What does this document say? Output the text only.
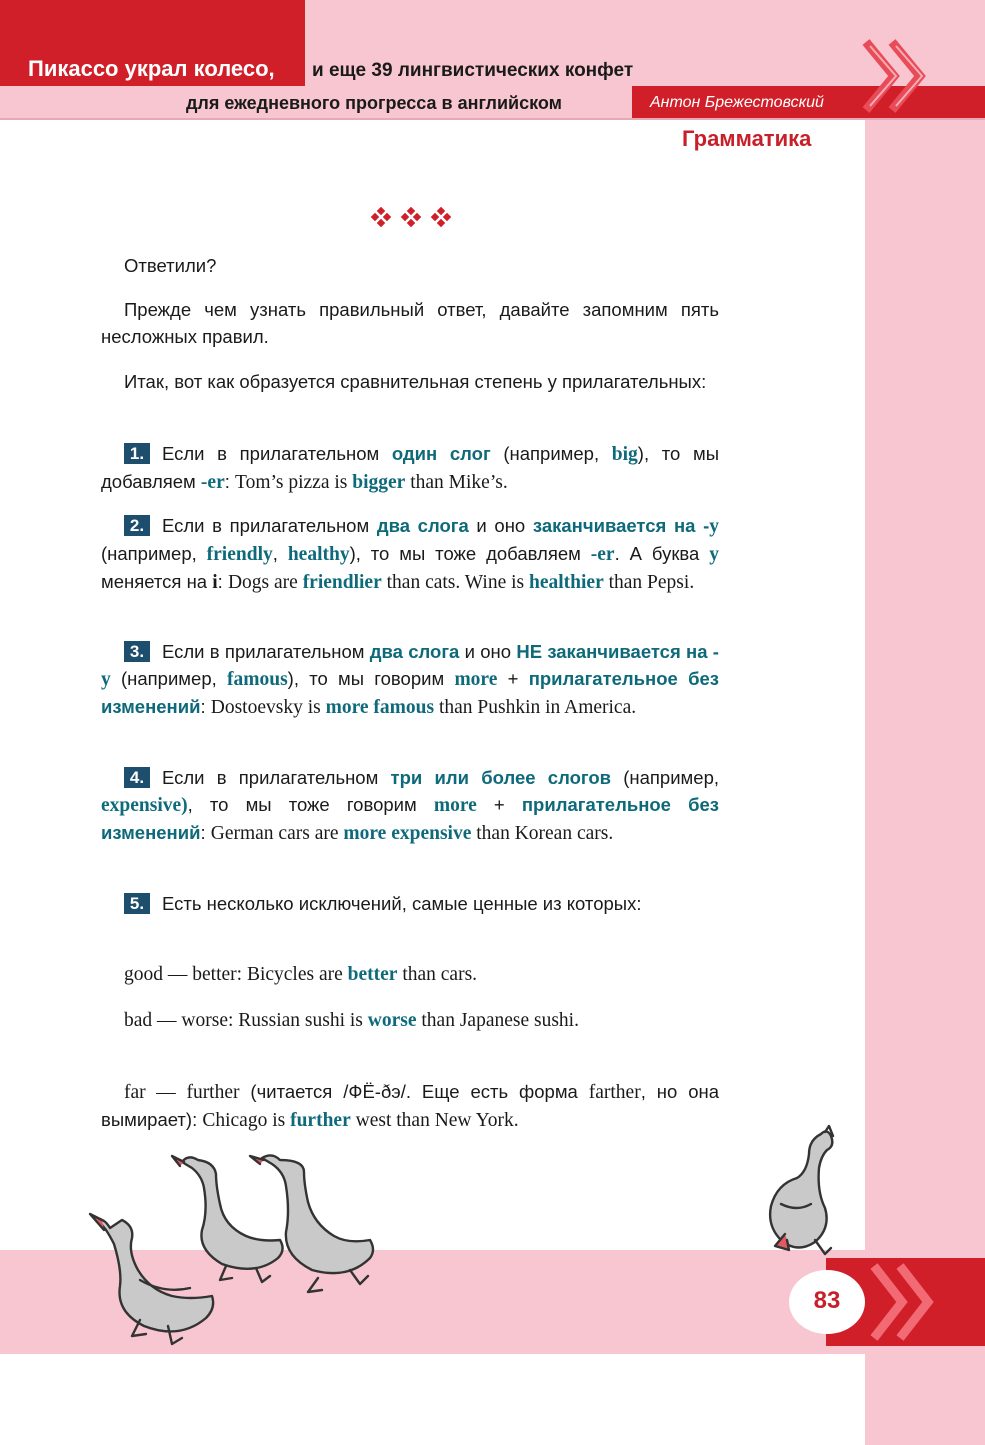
Пикассо украл колесо, и еще 39 лингвистических конфет
для ежедневного прогресса в английском	Антон Брежестовский
Грамматика
Ответили?
Прежде чем узнать правильный ответ, давайте запомним пять несложных правил.
Итак, вот как образуется сравнительная степень у прилагательных:
1. Если в прилагательном один слог (например, big), то мы добавляем -er: Tom’s pizza is bigger than Mike’s.
2. Если в прилагательном два слога и оно заканчивается на -y (например, friendly, healthy), то мы тоже добавляем -er. А буква y меняется на i: Dogs are friendlier than cats. Wine is healthier than Pepsi.
3. Если в прилагательном два слога и оно НЕ заканчивается на -y (например, famous), то мы говорим more + прилагательное без изменений: Dostoevsky is more famous than Pushkin in America.
4. Если в прилагательном три или более слогов (например, expensive), то мы тоже говорим more + прилагательное без изменений: German cars are more expensive than Korean cars.
5. Есть несколько исключений, самые ценные из которых:
good — better: Bicycles are better than cars.
bad — worse: Russian sushi is worse than Japanese sushi.
far — further (читается /ФЁ-ðэ/. Еще есть форма farther, но она вымирает): Chicago is further west than New York.
83
